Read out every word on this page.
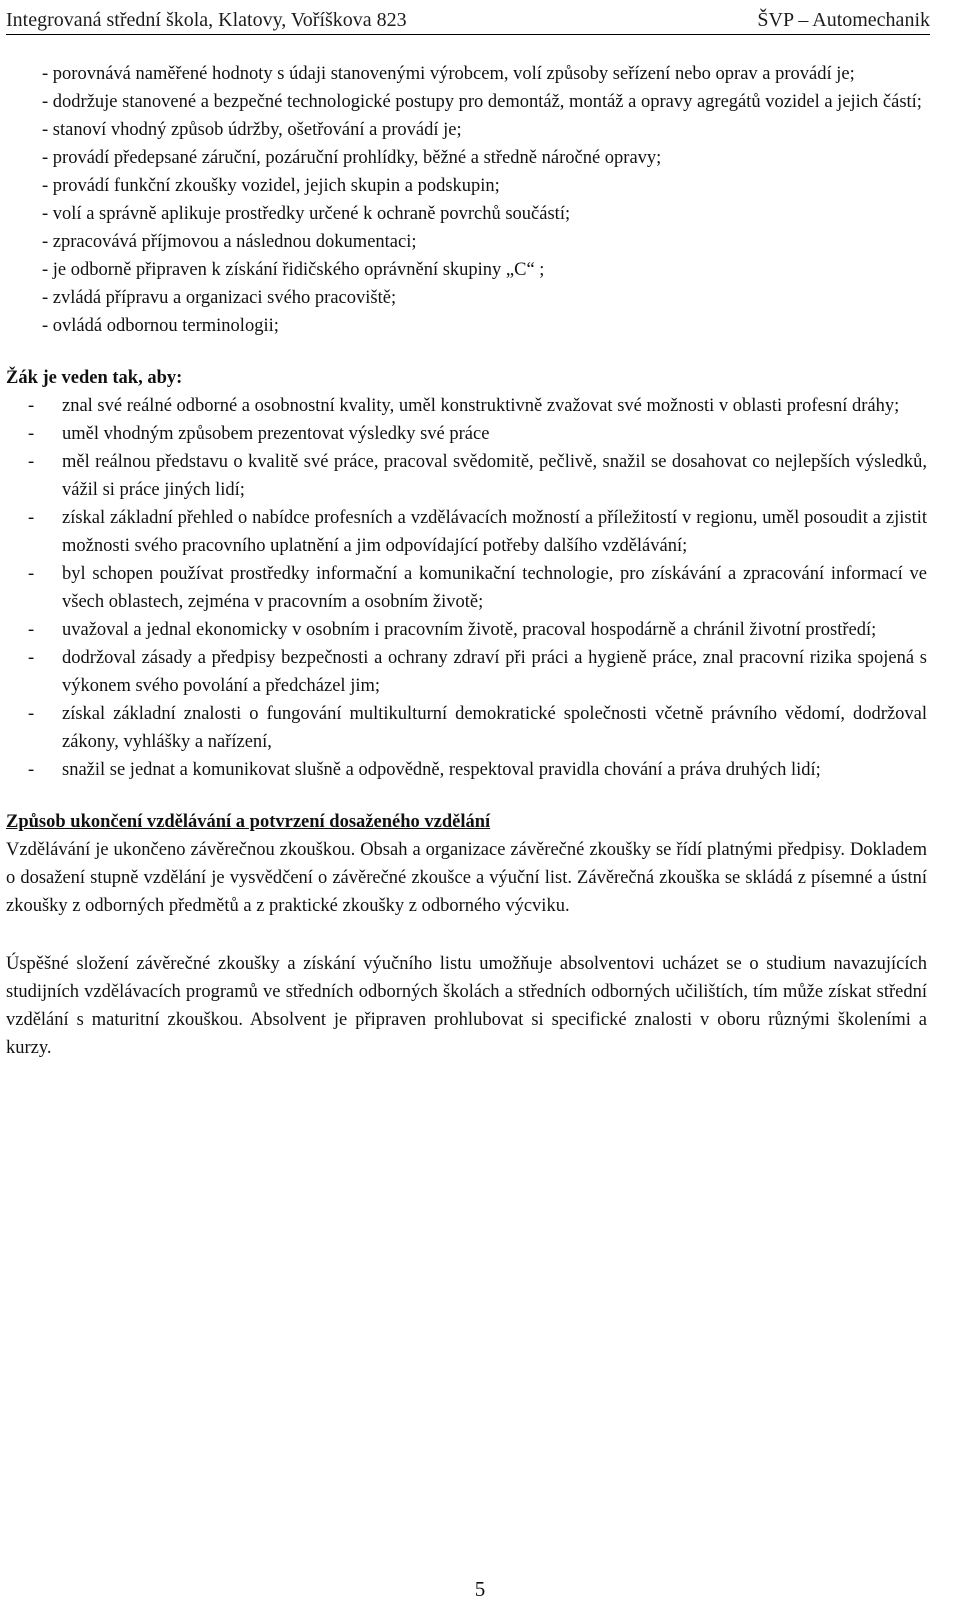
Integrovaná střední škola, Klatovy, Voříškova 823	ŠVP – Automechanik
- porovnává naměřené hodnoty s údaji stanovenými výrobcem, volí způsoby seřízení nebo oprav a provádí je;
- dodržuje stanovené a bezpečné technologické postupy pro demontáž, montáž a opravy agregátů vozidel a jejich částí;
- stanoví vhodný způsob údržby, ošetřování a provádí je;
- provádí předepsané záruční, pozáruční prohlídky, běžné a středně náročné opravy;
- provádí funkční zkoušky vozidel, jejich skupin a podskupin;
- volí a správně aplikuje prostředky určené k ochraně povrchů součástí;
- zpracovává příjmovou a následnou dokumentaci;
- je odborně připraven k získání řidičského oprávnění skupiny „C“ ;
- zvládá přípravu a organizaci svého pracoviště;
- ovládá odbornou terminologii;
Žák je veden tak, aby:
- znal své reálné odborné a osobnostní kvality, uměl konstruktivně zvažovat své možnosti v oblasti profesní dráhy;
- uměl vhodným způsobem prezentovat výsledky své práce
- měl reálnou představu o kvalitě své práce, pracoval svědomitě, pečlivě, snažil se dosahovat co nejlepších výsledků, vážil si práce jiných lidí;
- získal základní přehled o nabídce profesních a vzdělávacích možností a příležitostí v regionu, uměl posoudit a zjistit možnosti svého pracovního uplatnění a jim odpovídající potřeby dalšího vzdělávání;
- byl schopen používat prostředky informační a komunikační technologie, pro získávání a zpracování informací ve všech oblastech, zejména v pracovním a osobním životě;
- uvažoval a jednal ekonomicky v osobním i pracovním životě, pracoval hospodárně a chránil životní prostředí;
- dodržoval zásady a předpisy bezpečnosti a ochrany zdraví při práci a hygieně práce, znal pracovní rizika spojená s výkonem svého povolání a předcházel jim;
- získal základní znalosti o fungování multikulturní demokratické společnosti včetně právního vědomí, dodržoval zákony, vyhlášky a nařízení,
- snažil se jednat a komunikovat slušně a odpovědně, respektoval pravidla chování a práva druhých lidí;
Způsob ukončení vzdělávání a potvrzení dosaženého vzdělání

Vzdělávání je ukončeno závěrečnou zkouškou. Obsah a organizace závěrečné zkoušky se řídí platnými předpisy. Dokladem o dosažení stupně vzdělání je vysvědčení o závěrečné zkoušce a výuční list. Závěrečná zkouška se skládá z písemné a ústní zkoušky z odborných předmětů a z praktické zkoušky z odborného výcviku.

Úspěšné složení závěrečné zkoušky a získání výučního listu umožňuje absolventovi ucházet se o studium navazujících studijních vzdělávacích programů ve středních odborných školách a středních odborných učilištích, tím může získat střední vzdělání s maturitní zkouškou. Absolvent je připraven prohlubovat si specifické znalosti v oboru různými školeními a kurzy.

5
